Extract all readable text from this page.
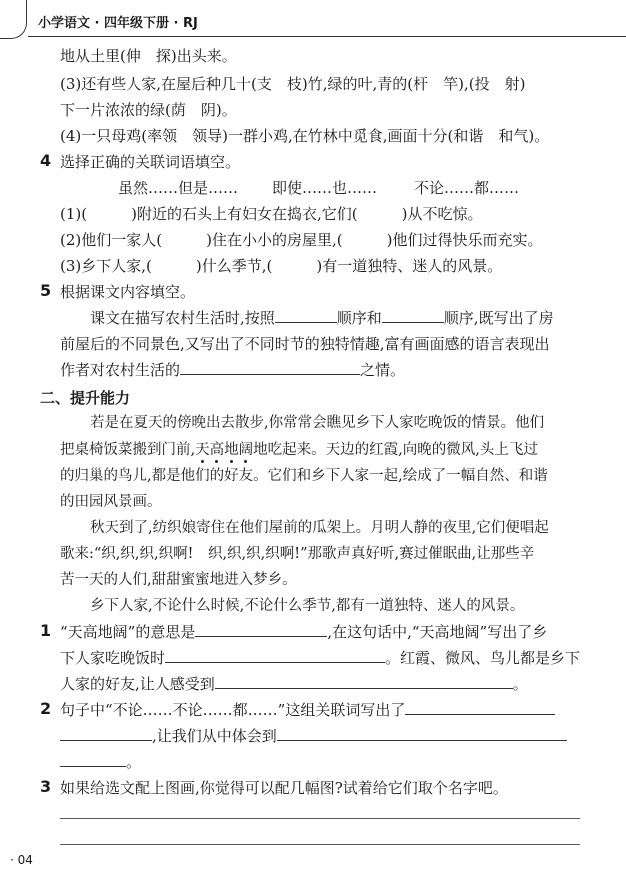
小学语文 · 四年级下册 · RJ
地从土里(伸　探)出头来。
(3)还有些人家,在屋后种几十(支　枝)竹,绿的叶,青的(杆　竿),(投　射)
下一片浓浓的绿(荫　阴)。
(4)一只母鸡(率领　领导)一群小鸡,在竹林中觅食,画面十分(和谐　和气)。
4 选择正确的关联词语填空。
虽然……但是…… 即使……也…… 不论……都……
(1)(	)附近的石头上有妇女在捣衣,它们(	)从不吃惊。
(2)他们一家人(	)住在小小的房屋里,(	)他们过得快乐而充实。
(3)乡下人家,(	)什么季节,(	)有一道独特、迷人的风景。
5 根据课文内容填空。
课文在描写农村生活时,按照	顺序和	顺序,既写出了房
前屋后的不同景色,又写出了不同时节的独特情趣,富有画面感的语言表现出
作者对农村生活的	之情。
二、提升能力
若是在夏天的傍晚出去散步,你常常会瞧见乡下人家吃晚饭的情景。他们
把桌椅饭菜搬到门前,天高地阔地吃起来。天边的红霞,向晚的微风,头上飞过
的归巢的鸟儿,都是他们的好友。它们和乡下人家一起,绘成了一幅自然、和谐
的田园风景画。
秋天到了,纺织娘寄住在他们屋前的瓜架上。月明人静的夜里,它们便唱起
歌来:“织,织,织,织啊!　织,织,织,织啊!”那歌声真好听,赛过催眠曲,让那些辛
苦一天的人们,甜甜蜜蜜地进入梦乡。
乡下人家,不论什么时候,不论什么季节,都有一道独特、迷人的风景。
1 “天高地阔”的意思是	,在这句话中,“天高地阔”写出了乡
下人家吃晚饭时	。红霞、微风、鸟儿都是乡下
人家的好友,让人感受到	。
2 句子中“不论……不论……都……”这组关联词写出了
,让我们从中体会到
。
3 如果给选文配上图画,你觉得可以配几幅图?试着给它们取个名字吧。
· 04
